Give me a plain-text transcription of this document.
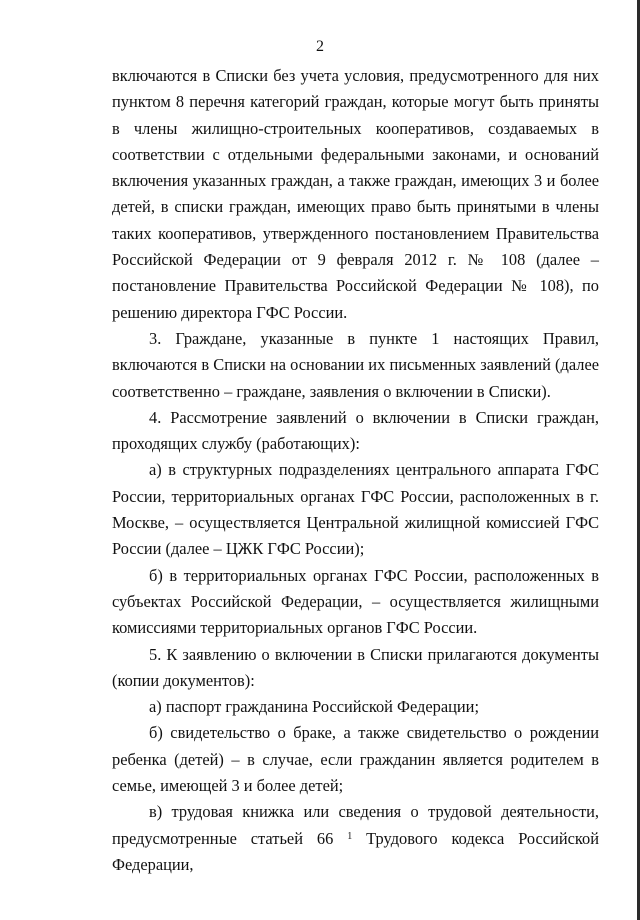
2

включаются в Списки без учета условия, предусмотренного для них пунктом 8 перечня категорий граждан, которые могут быть приняты в члены жилищно-строительных кооперативов, создаваемых в соответствии с отдельными федеральными законами, и оснований включения указанных граждан, а также граждан, имеющих 3 и более детей, в списки граждан, имеющих право быть принятыми в члены таких кооперативов, утвержденного постановлением Правительства Российской Федерации от 9 февраля 2012 г. № 108 (далее – постановление Правительства Российской Федерации № 108), по решению директора ГФС России.

3. Граждане, указанные в пункте 1 настоящих Правил, включаются в Списки на основании их письменных заявлений (далее соответственно – граждане, заявления о включении в Списки).

4. Рассмотрение заявлений о включении в Списки граждан, проходящих службу (работающих):

а) в структурных подразделениях центрального аппарата ГФС России, территориальных органах ГФС России, расположенных в г. Москве, – осуществляется Центральной жилищной комиссией ГФС России (далее – ЦЖК ГФС России);

б) в территориальных органах ГФС России, расположенных в субъектах Российской Федерации, – осуществляется жилищными комиссиями территориальных органов ГФС России.

5. К заявлению о включении в Списки прилагаются документы (копии документов):

а) паспорт гражданина Российской Федерации;

б) свидетельство о браке, а также свидетельство о рождении ребенка (детей) – в случае, если гражданин является родителем в семье, имеющей 3 и более детей;

в) трудовая книжка или сведения о трудовой деятельности, предусмотренные статьей 66 $^1$ Трудового кодекса Российской Федерации,
